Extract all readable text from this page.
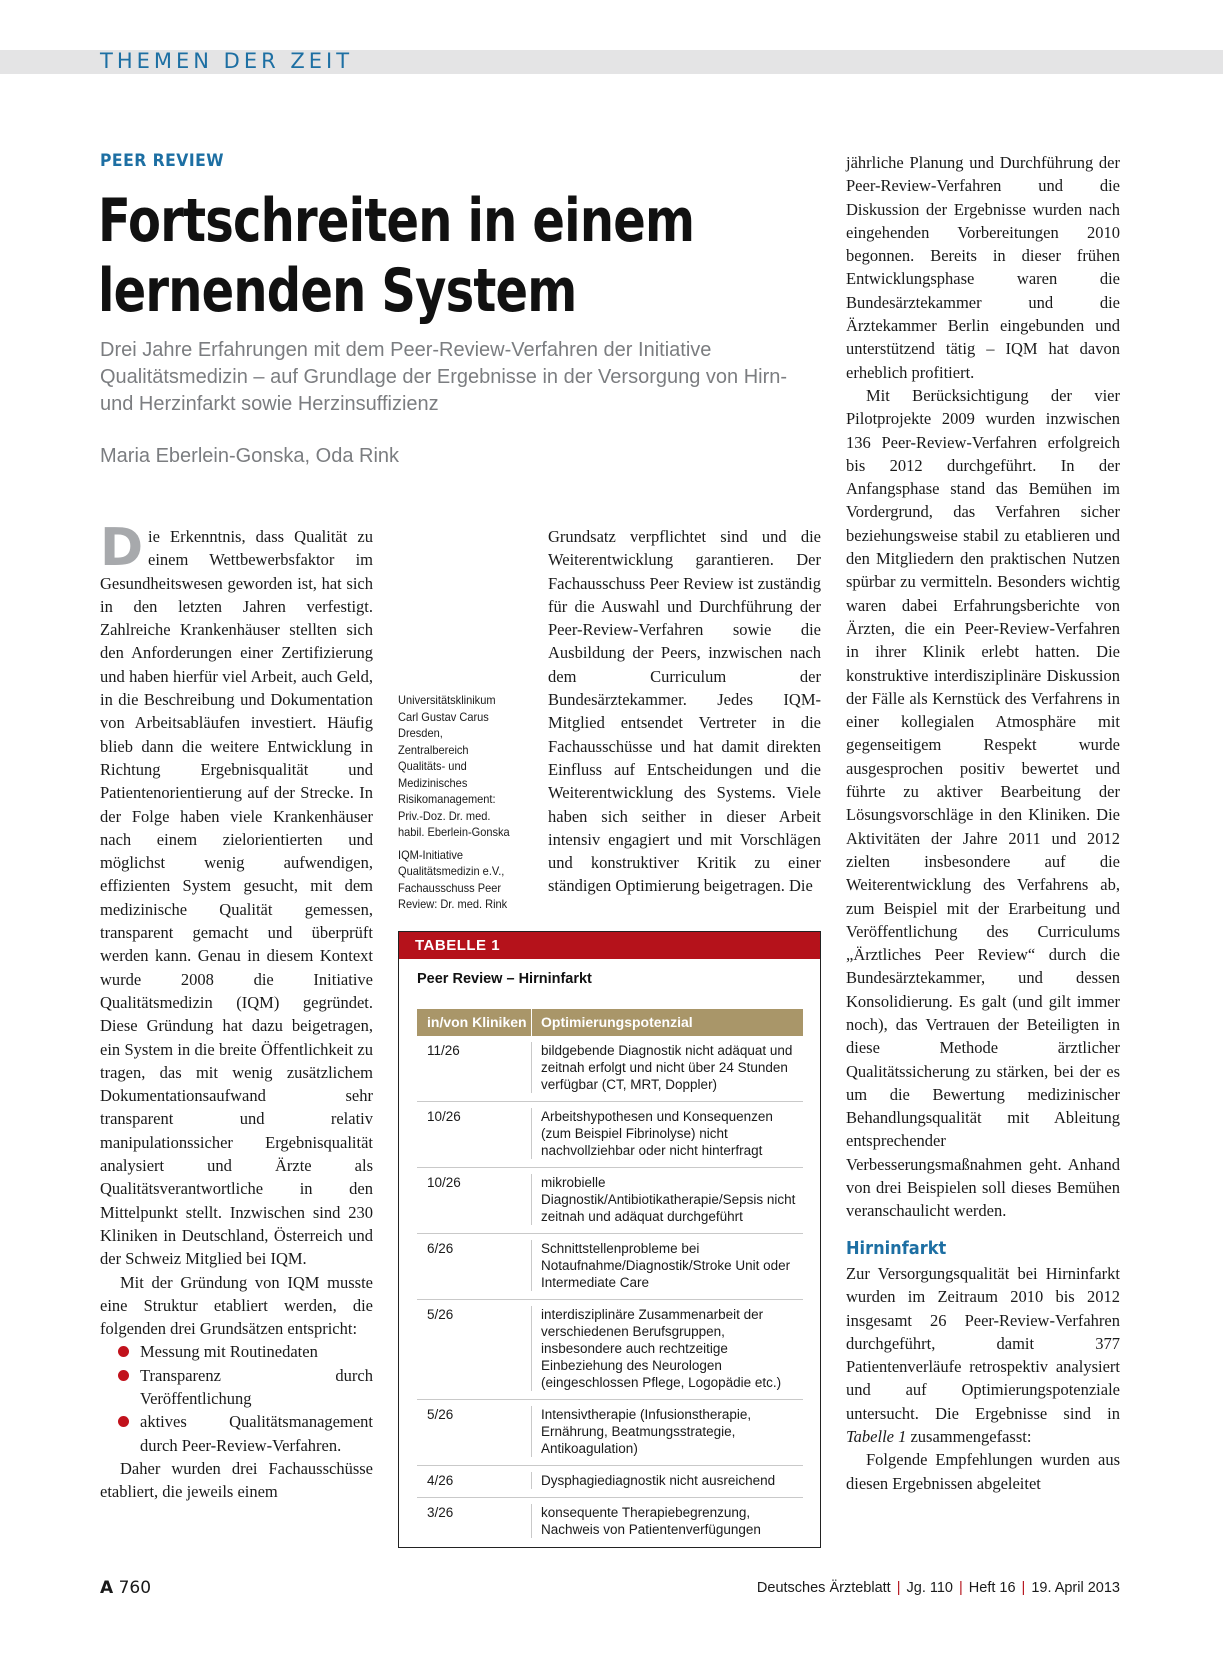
THEMEN DER ZEIT
PEER REVIEW
Fortschreiten in einem
lernenden System
Drei Jahre Erfahrungen mit dem Peer-Review-Verfahren der Initiative Qualitätsmedizin – auf Grundlage der Ergebnisse in der Versorgung von Hirn- und Herzinfarkt sowie Herzinsuffizienz
Maria Eberlein-Gonska, Oda Rink

D ie Erkenntnis, dass Qualität zu einem Wettbewerbsfaktor im Gesundheitswesen geworden ist, hat sich in den letzten Jahren verfestigt. Zahlreiche Krankenhäuser stellten sich den Anforderungen einer Zertifizierung und haben hierfür viel Arbeit, auch Geld, in die Beschreibung und Dokumentation von Arbeitsabläufen investiert. Häufig blieb dann die weitere Entwicklung in Richtung Ergebnisqualität und Patientenorientierung auf der Strecke. In der Folge haben viele Krankenhäuser nach einem zielorientierten und möglichst wenig aufwendigen, effizienten System gesucht, mit dem medizinische Qualität gemessen, transparent gemacht und überprüft werden kann. Genau in diesem Kontext wurde 2008 die Initiative Qualitätsmedizin (IQM) gegründet. Diese Gründung hat dazu beigetragen, ein System in die breite Öffentlichkeit zu tragen, das mit wenig zusätzlichem Dokumentationsaufwand sehr transparent und relativ manipulationssicher Ergebnisqualität analysiert und Ärzte als Qualitätsverantwortliche in den Mittelpunkt stellt. Inzwischen sind 230 Kliniken in Deutschland, Österreich und der Schweiz Mitglied bei IQM.

Mit der Gründung von IQM musste eine Struktur etabliert werden, die folgenden drei Grundsätzen entspricht:

Messung mit Routinedaten
Transparenz durch Veröffentlichung
aktives Qualitätsmanagement durch Peer-Review-Verfahren.

Daher wurden drei Fachausschüsse etabliert, die jeweils einem

Universitätsklinikum Carl Gustav Carus Dresden, Zentralbereich Qualitäts- und Medizinisches Risikomanagement: Priv.-Doz. Dr. med. habil. Eberlein-Gonska

IQM-Initiative Qualitätsmedizin e.V., Fachausschuss Peer Review: Dr. med. Rink

Grundsatz verpflichtet sind und die Weiterentwicklung garantieren. Der Fachausschuss Peer Review ist zuständig für die Auswahl und Durchführung der Peer-Review-Verfahren sowie die Ausbildung der Peers, inzwischen nach dem Curriculum der Bundesärztekammer. Jedes IQM-Mitglied entsendet Vertreter in die Fachausschüsse und hat damit direkten Einfluss auf Entscheidungen und die Weiterentwicklung des Systems. Viele haben sich seither in dieser Arbeit intensiv engagiert und mit Vorschlägen und konstruktiver Kritik zu einer ständigen Optimierung beigetragen. Die

TABELLE 1
Peer Review – Hirninfarkt
in/von Kliniken	Optimierungspotenzial
11/26	bildgebende Diagnostik nicht adäquat und zeitnah erfolgt und nicht über 24 Stunden verfügbar (CT, MRT, Doppler)
10/26	Arbeitshypothesen und Konsequenzen (zum Beispiel Fibrinolyse) nicht nachvollziehbar oder nicht hinterfragt
10/26	mikrobielle Diagnostik/Antibiotikatherapie/Sepsis nicht zeitnah und adäquat durchgeführt
6/26	Schnittstellenprobleme bei Notaufnahme/Diagnostik/Stroke Unit oder Intermediate Care
5/26	interdisziplinäre Zusammenarbeit der verschiedenen Berufsgruppen, insbesondere auch rechtzeitige Einbeziehung des Neurologen (eingeschlossen Pflege, Logopädie etc.)
5/26	Intensivtherapie (Infusionstherapie, Ernährung, Beatmungsstrategie, Antikoagulation)
4/26	Dysphagiediagnostik nicht ausreichend
3/26	konsequente Therapiebegrenzung, Nachweis von Patientenverfügungen

jährliche Planung und Durchführung der Peer-Review-Verfahren und die Diskussion der Ergebnisse wurden nach eingehenden Vorbereitungen 2010 begonnen. Bereits in dieser frühen Entwicklungsphase waren die Bundesärztekammer und die Ärztekammer Berlin eingebunden und unterstützend tätig – IQM hat davon erheblich profitiert.

Mit Berücksichtigung der vier Pilotprojekte 2009 wurden inzwischen 136 Peer-Review-Verfahren erfolgreich bis 2012 durchgeführt. In der Anfangsphase stand das Bemühen im Vordergrund, das Verfahren sicher beziehungsweise stabil zu etablieren und den Mitgliedern den praktischen Nutzen spürbar zu vermitteln. Besonders wichtig waren dabei Erfahrungsberichte von Ärzten, die ein Peer-Review-Verfahren in ihrer Klinik erlebt hatten. Die konstruktive interdisziplinäre Diskussion der Fälle als Kernstück des Verfahrens in einer kollegialen Atmosphäre mit gegenseitigem Respekt wurde ausgesprochen positiv bewertet und führte zu aktiver Bearbeitung der Lösungsvorschläge in den Kliniken. Die Aktivitäten der Jahre 2011 und 2012 zielten insbesondere auf die Weiterentwicklung des Verfahrens ab, zum Beispiel mit der Erarbeitung und Veröffentlichung des Curriculums „Ärztliches Peer Review“ durch die Bundesärztekammer, und dessen Konsolidierung. Es galt (und gilt immer noch), das Vertrauen der Beteiligten in diese Methode ärztlicher Qualitätssicherung zu stärken, bei der es um die Bewertung medizinischer Behandlungsqualität mit Ableitung entsprechender Verbesserungsmaßnahmen geht. Anhand von drei Beispielen soll dieses Bemühen veranschaulicht werden.

Hirninfarkt

Zur Versorgungsqualität bei Hirninfarkt wurden im Zeitraum 2010 bis 2012 insgesamt 26 Peer-Review-Verfahren durchgeführt, damit 377 Patientenverläufe retrospektiv analysiert und auf Optimierungspotenziale untersucht. Die Ergebnisse sind in Tabelle 1 zusammengefasst:

Folgende Empfehlungen wurden aus diesen Ergebnissen abgeleitet

A 760	Deutsches Ärzteblatt | Jg. 110 | Heft 16 | 19. April 2013
